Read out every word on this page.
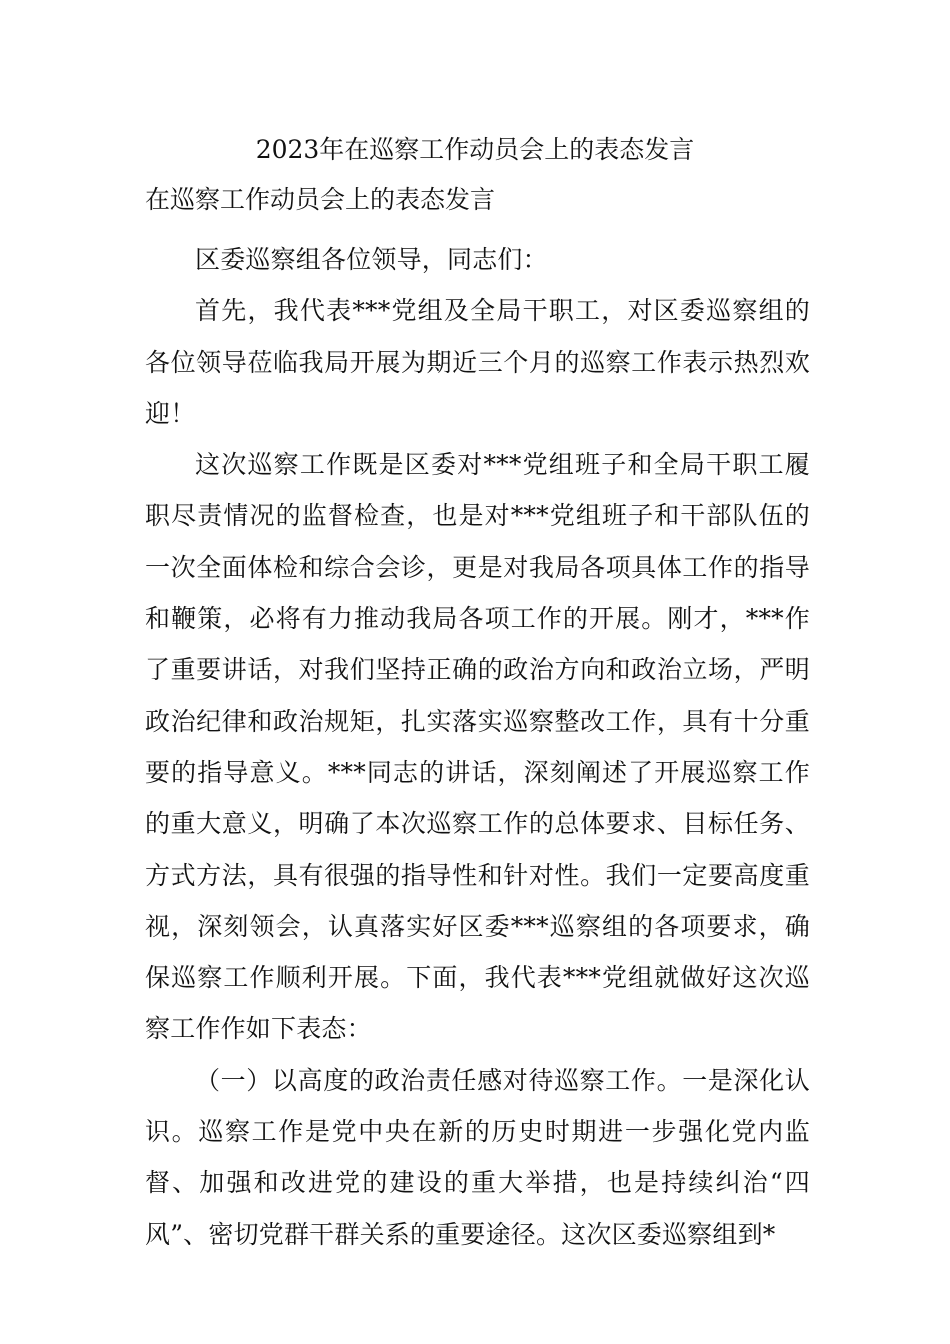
2023年在巡察工作动员会上的表态发言
在巡察工作动员会上的表态发言

区委巡察组各位领导，同志们：

首先，我代表***党组及全局干职工，对区委巡察组的各位领导莅临我局开展为期近三个月的巡察工作表示热烈欢迎！

这次巡察工作既是区委对***党组班子和全局干职工履职尽责情况的监督检查，也是对***党组班子和干部队伍的一次全面体检和综合会诊，更是对我局各项具体工作的指导和鞭策，必将有力推动我局各项工作的开展。刚才，***作了重要讲话，对我们坚持正确的政治方向和政治立场，严明政治纪律和政治规矩，扎实落实巡察整改工作，具有十分重要的指导意义。***同志的讲话，深刻阐述了开展巡察工作的重大意义，明确了本次巡察工作的总体要求、目标任务、方式方法，具有很强的指导性和针对性。我们一定要高度重视，深刻领会，认真落实好区委***巡察组的各项要求，确保巡察工作顺利开展。下面，我代表***党组就做好这次巡察工作作如下表态：

（一）以高度的政治责任感对待巡察工作。一是深化认识。巡察工作是党中央在新的历史时期进一步强化党内监督、加强和改进党的建设的重大举措，也是持续纠治“四风”、密切党群干群关系的重要途径。这次区委巡察组到*
